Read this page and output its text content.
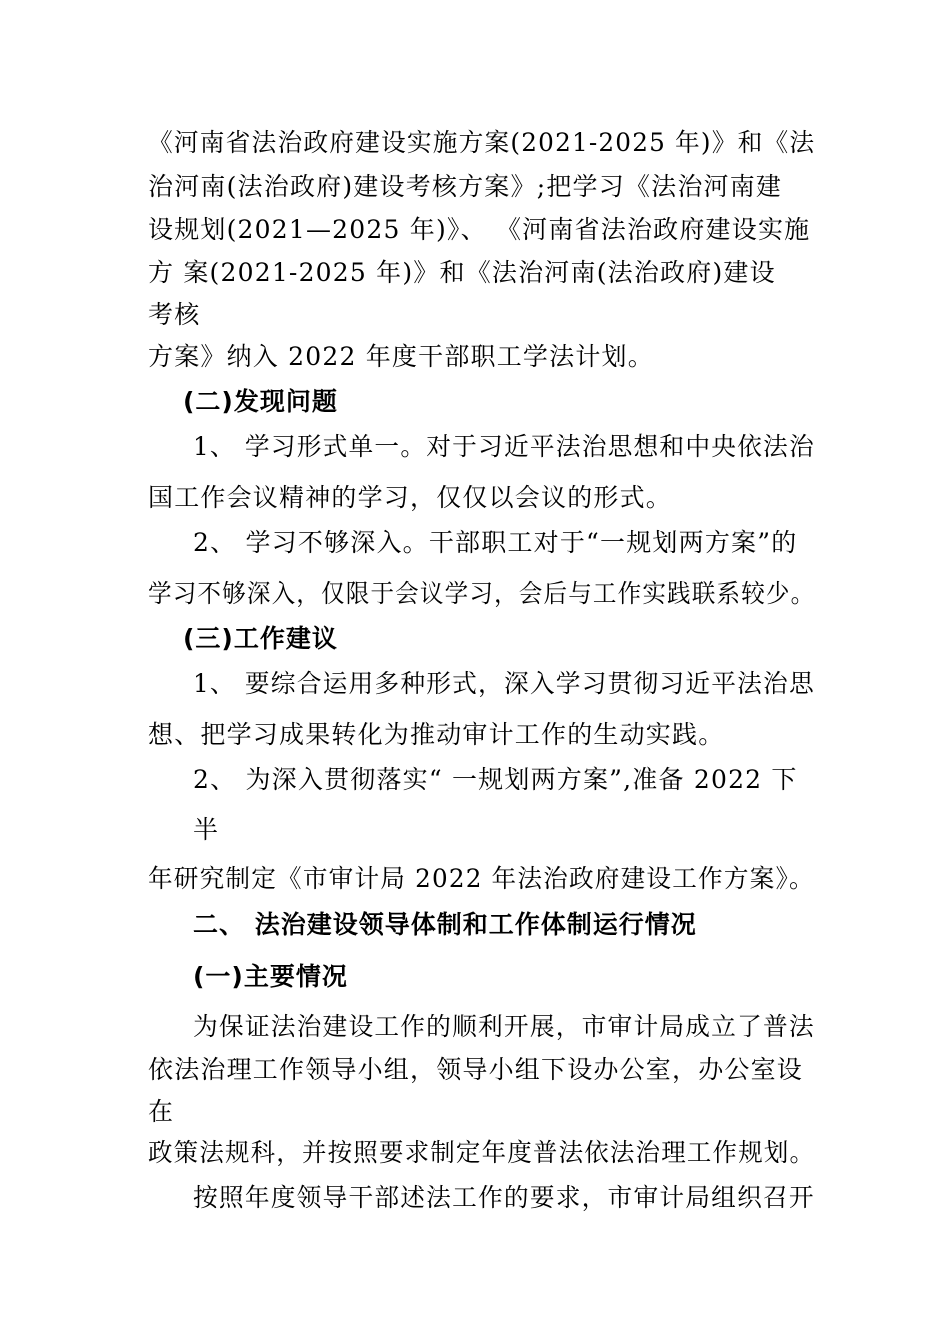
《河南省法治政府建设实施方案(2021-2025 年)》和《法
治河南(法治政府)建设考核方案》;把学习《法治河南建
设规划(2021—2025 年)》、 《河南省法治政府建设实施
方 案(2021-2025 年)》和《法治河南(法治政府)建设
考核
方案》纳入 2022 年度干部职工学法计划。
(二)发现问题
1、 学习形式单一。对于习近平法治思想和中央依法治
国工作会议精神的学习，仅仅以会议的形式。
2、 学习不够深入。干部职工对于“一规划两方案”的
学习不够深入，仅限于会议学习，会后与工作实践联系较少。
(三)工作建议
1、 要综合运用多种形式，深入学习贯彻习近平法治思
想、把学习成果转化为推动审计工作的生动实践。
2、 为深入贯彻落实“ 一规划两方案”,准备 2022 下
半
年研究制定《市审计局 2022 年法治政府建设工作方案》。
二、 法治建设领导体制和工作体制运行情况
(一)主要情况
为保证法治建设工作的顺利开展，市审计局成立了普法
依法治理工作领导小组，领导小组下设办公室，办公室设
在
政策法规科，并按照要求制定年度普法依法治理工作规划。
按照年度领导干部述法工作的要求，市审计局组织召开
